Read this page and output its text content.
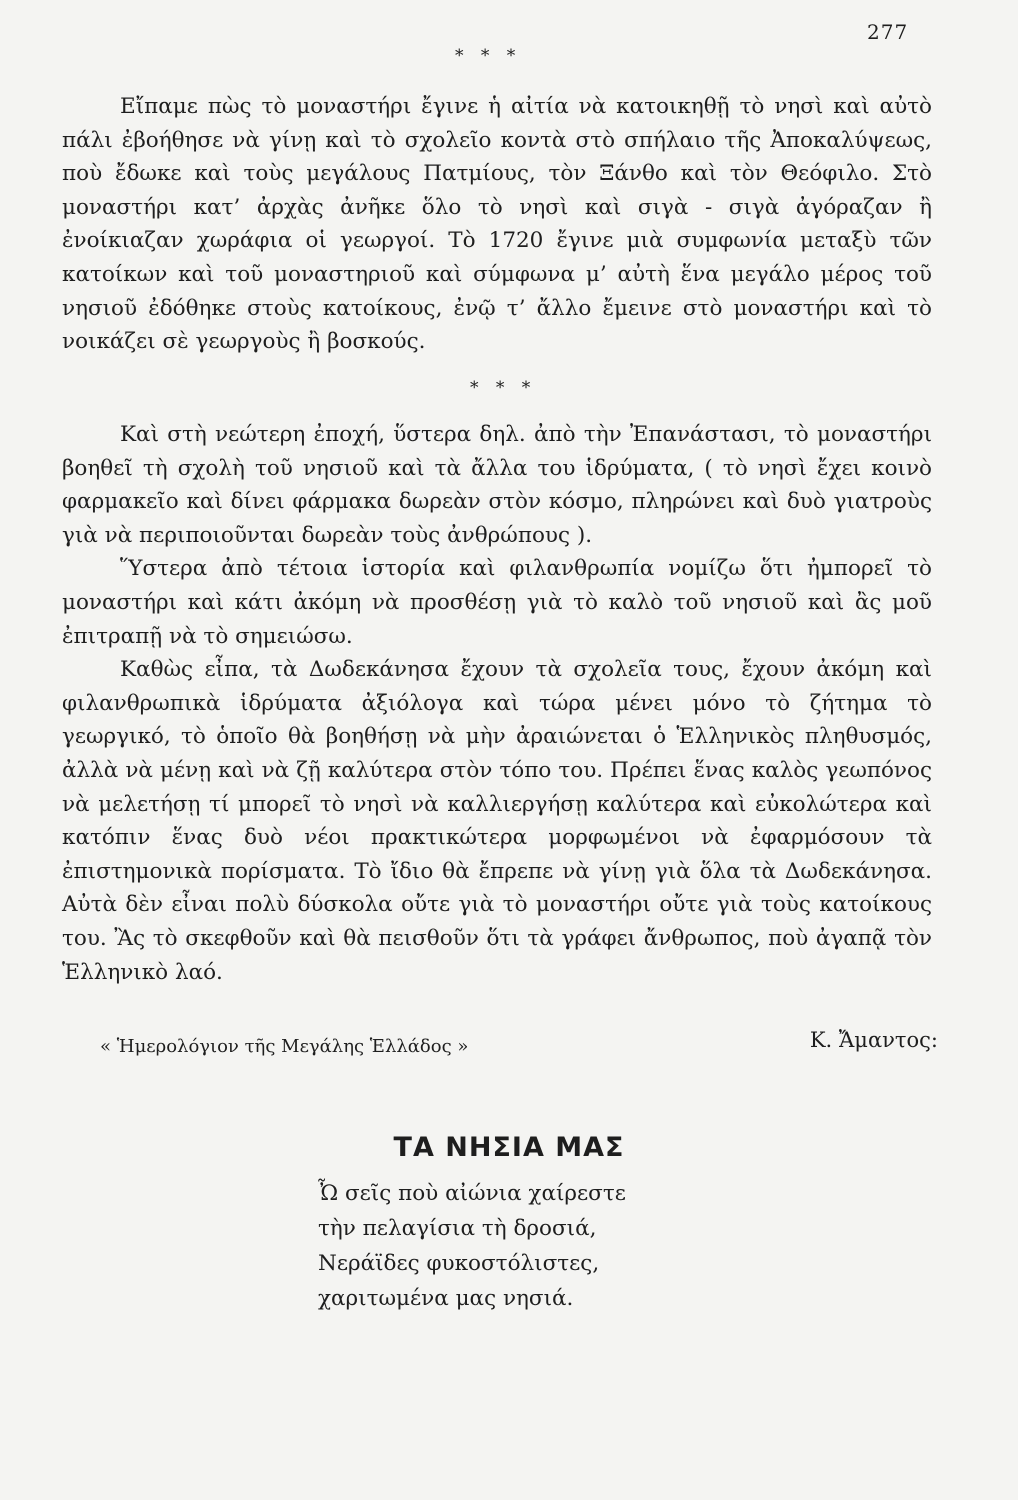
277
* * *

Εἴπαμε πὼς τὸ μοναστήρι ἔγινε ἡ αἰτία νὰ κατοικηθῇ τὸ νησὶ καὶ αὐτὸ πάλι ἐβοήθησε νὰ γίνῃ καὶ τὸ σχολεῖο κοντὰ στὸ σπήλαιο τῆς Ἀποκαλύψεως, ποὺ ἔδωκε καὶ τοὺς μεγάλους Πατμίους, τὸν Ξάνθο καὶ τὸν Θεόφιλο. Στὸ μοναστήρι κατ’ ἀρχὰς ἀνῆκε ὅλο τὸ νησὶ καὶ σιγὰ - σιγὰ ἀγόραζαν ἢ ἐνοίκιαζαν χωράφια οἱ γεωργοί. Τὸ 1720 ἔγινε μιὰ συμφωνία μεταξὺ τῶν κατοίκων καὶ τοῦ μοναστηριοῦ καὶ σύμφωνα μ’ αὐτὴ ἕνα μεγάλο μέρος τοῦ νησιοῦ ἐδόθηκε στοὺς κατοίκους, ἐνῷ τ’ ἄλλο ἔμεινε στὸ μοναστήρι καὶ τὸ νοικάζει σὲ γεωργοὺς ἢ βοσκούς.

* * *

Καὶ στὴ νεώτερη ἐποχή, ὕστερα δηλ. ἀπὸ τὴν Ἐπανάστασι, τὸ μοναστήρι βοηθεῖ τὴ σχολὴ τοῦ νησιοῦ καὶ τὰ ἄλλα του ἱδρύματα, ( τὸ νησὶ ἔχει κοινὸ φαρμακεῖο καὶ δίνει φάρμακα δωρεὰν στὸν κόσμο, πληρώνει καὶ δυὸ γιατροὺς γιὰ νὰ περιποιοῦνται δωρεὰν τοὺς ἀνθρώπους ).

Ὕστερα ἀπὸ τέτοια ἱστορία καὶ φιλανθρωπία νομίζω ὅτι ἠμπορεῖ τὸ μοναστήρι καὶ κάτι ἀκόμη νὰ προσθέσῃ γιὰ τὸ καλὸ τοῦ νησιοῦ καὶ ἂς μοῦ ἐπιτραπῇ νὰ τὸ σημειώσω.

Καθὼς εἶπα, τὰ Δωδεκάνησα ἔχουν τὰ σχολεῖα τους, ἔχουν ἀκόμη καὶ φιλανθρωπικὰ ἱδρύματα ἀξιόλογα καὶ τώρα μένει μόνο τὸ ζήτημα τὸ γεωργικό, τὸ ὁποῖο θὰ βοηθήσῃ νὰ μὴν ἀραιώνεται ὁ Ἑλληνικὸς πληθυσμός, ἀλλὰ νὰ μένῃ καὶ νὰ ζῇ καλύτερα στὸν τόπο του. Πρέπει ἕνας καλὸς γεωπόνος νὰ μελετήσῃ τί μπορεῖ τὸ νησὶ νὰ καλλιεργήσῃ καλύτερα καὶ εὐκολώτερα καὶ κατόπιν ἕνας δυὸ νέοι πρακτικώτερα μορφωμένοι νὰ ἐφαρμόσουν τὰ ἐπιστημονικὰ πορίσματα. Τὸ ἴδιο θὰ ἔπρεπε νὰ γίνῃ γιὰ ὅλα τὰ Δωδεκάνησα. Αὐτὰ δὲν εἶναι πολὺ δύσκολα οὔτε γιὰ τὸ μοναστήρι οὔτε γιὰ τοὺς κατοίκους του. Ἂς τὸ σκεφθοῦν καὶ θὰ πεισθοῦν ὅτι τὰ γράφει ἄνθρωπος, ποὺ ἀγαπᾷ τὸν Ἑλληνικὸ λαό.

« Ἡμερολόγιον τῆς Μεγάλης Ἑλλάδος »	Κ. Ἄμαντος:
ΤΑ ΝΗΣΙΑ ΜΑΣ
Ὦ σεῖς ποὺ αἰώνια χαίρεστε
τὴν πελαγίσια τὴ δροσιά,
Νεράϊδες φυκοστόλιστες,
χαριτωμένα μας νησιά.
